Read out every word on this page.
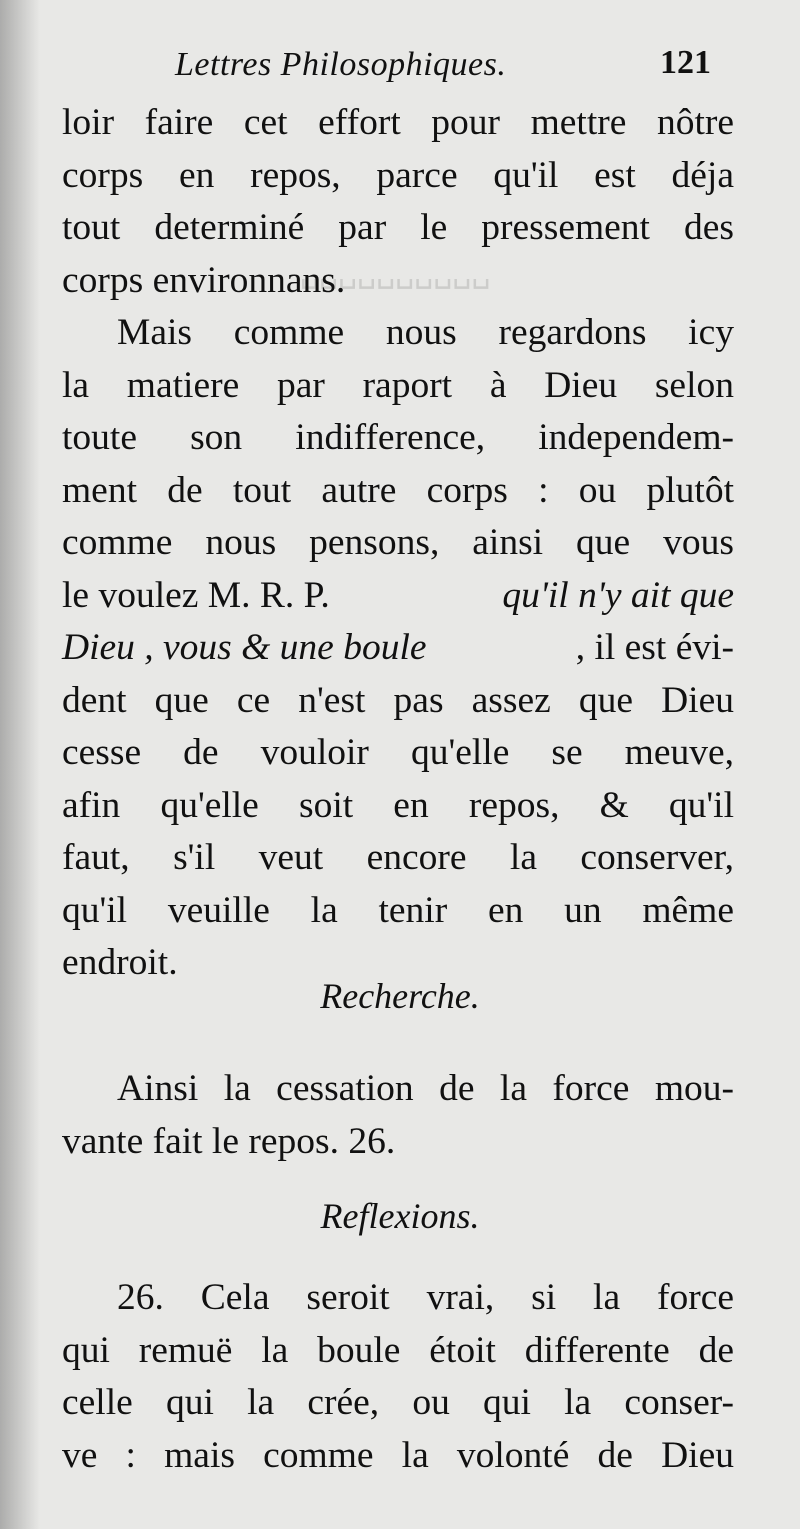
␣␣␣␣␣␣␣␣␣␣
Lettres Philosophiques.	121
loir faire cet effort pour mettre nôtre
corps en repos, parce qu'il est déja
tout determiné par le pressement des
corps environnans.
Mais comme nous regardons icy
la matiere par raport à Dieu selon
toute son indifference, independem-
ment de tout autre corps : ou plutôt
comme nous pensons, ainsi que vous
le voulez M. R. P.	qu'il n'y ait que
Dieu , vous & une boule	, il est évi-
dent que ce n'est pas assez que Dieu
cesse de vouloir qu'elle se meuve,
afin qu'elle soit en repos, & qu'il
faut, s'il veut encore la conserver,
qu'il veuille la tenir en un même
endroit.
Recherche.
Ainsi la cessation de la force mou-
vante fait le repos. 26.
Reflexions.
26. Cela seroit vrai, si la force
qui remuë la boule étoit differente de
celle qui la crée, ou qui la conser-
ve : mais comme la volonté de Dieu
